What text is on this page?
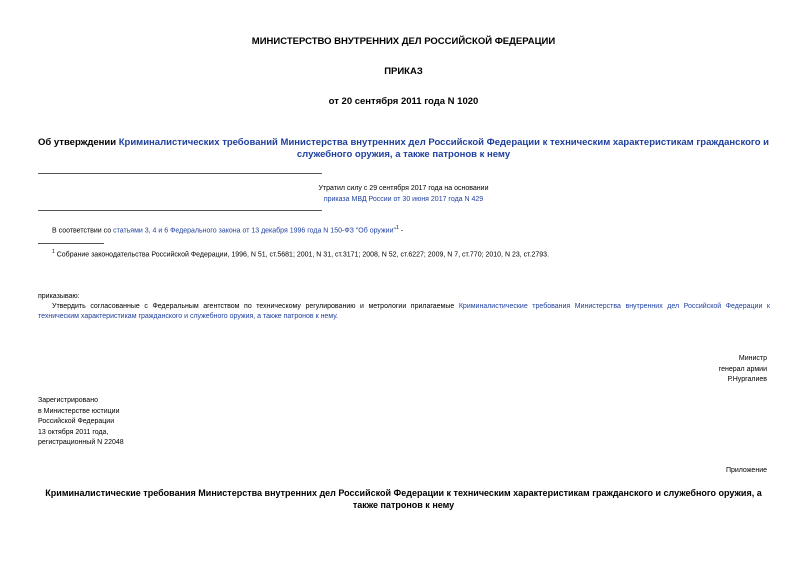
МИНИСТЕРСТВО ВНУТРЕННИХ ДЕЛ РОССИЙСКОЙ ФЕДЕРАЦИИ
ПРИКАЗ
от 20 сентября 2011 года N 1020
Об утверждении Криминалистических требований Министерства внутренних дел Российской Федерации к техническим характеристикам гражданского и
служебного оружия, а также патронов к нему
Утратил силу с 29 сентября 2017 года на основании
приказа МВД России от 30 июня 2017 года N 429
В соответствии со статьями 3, 4 и 6 Федерального закона от 13 декабря 1996 года N 150-ФЗ "Об оружии"$^1$ -
$^1$ Собрание законодательства Российской Федерации, 1996, N 51, ст.5681; 2001, N 31, ст.3171; 2008, N 52, ст.6227; 2009, N 7, ст.770; 2010, N 23, ст.2793.
приказываю:
Утвердить согласованные с Федеральным агентством по техническому регулированию и метрологии прилагаемые Криминалистические требования Министерства внутренних дел Российской Федерации к
техническим характеристикам гражданского и служебного оружия, а также патронов к нему.
Министр
генерал армии
Р.Нургалиев
Зарегистрировано
в Министерстве юстиции
Российской Федерации
13 октября 2011 года,
регистрационный N 22048
Приложение
Криминалистические требования Министерства внутренних дел Российской Федерации к техническим характеристикам гражданского и служебного оружия, а
также патронов к нему
